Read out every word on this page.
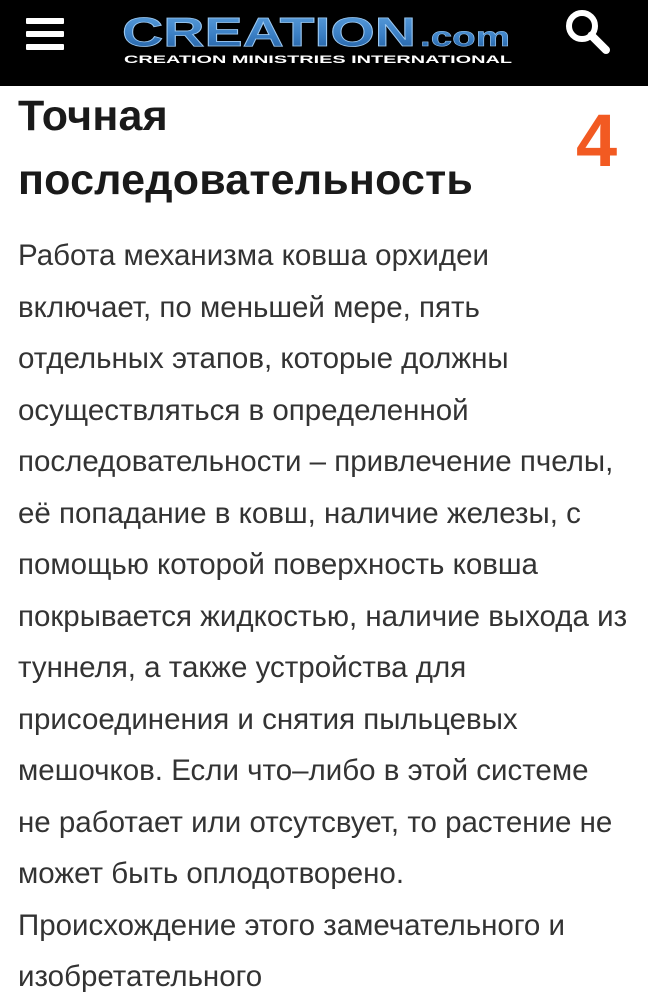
CREATION .com
CREATION MINISTRIES INTERNATIONAL
Точная последовательность	4

Работа механизма ковша орхидеи включает, по меньшей мере, пять отдельных этапов, которые должны осуществляться в определенной последовательности – привлечение пчелы, её попадание в ковш, наличие железы, с помощью которой поверхность ковша покрывается жидкостью, наличие выхода из туннеля, а также устройства для присоединения и снятия пыльцевых мешочков. Если что–либо в этой системе не работает или отсутсвует, то растение не может быть оплодотворено. Происхождение этого замечательного и изобретательного
